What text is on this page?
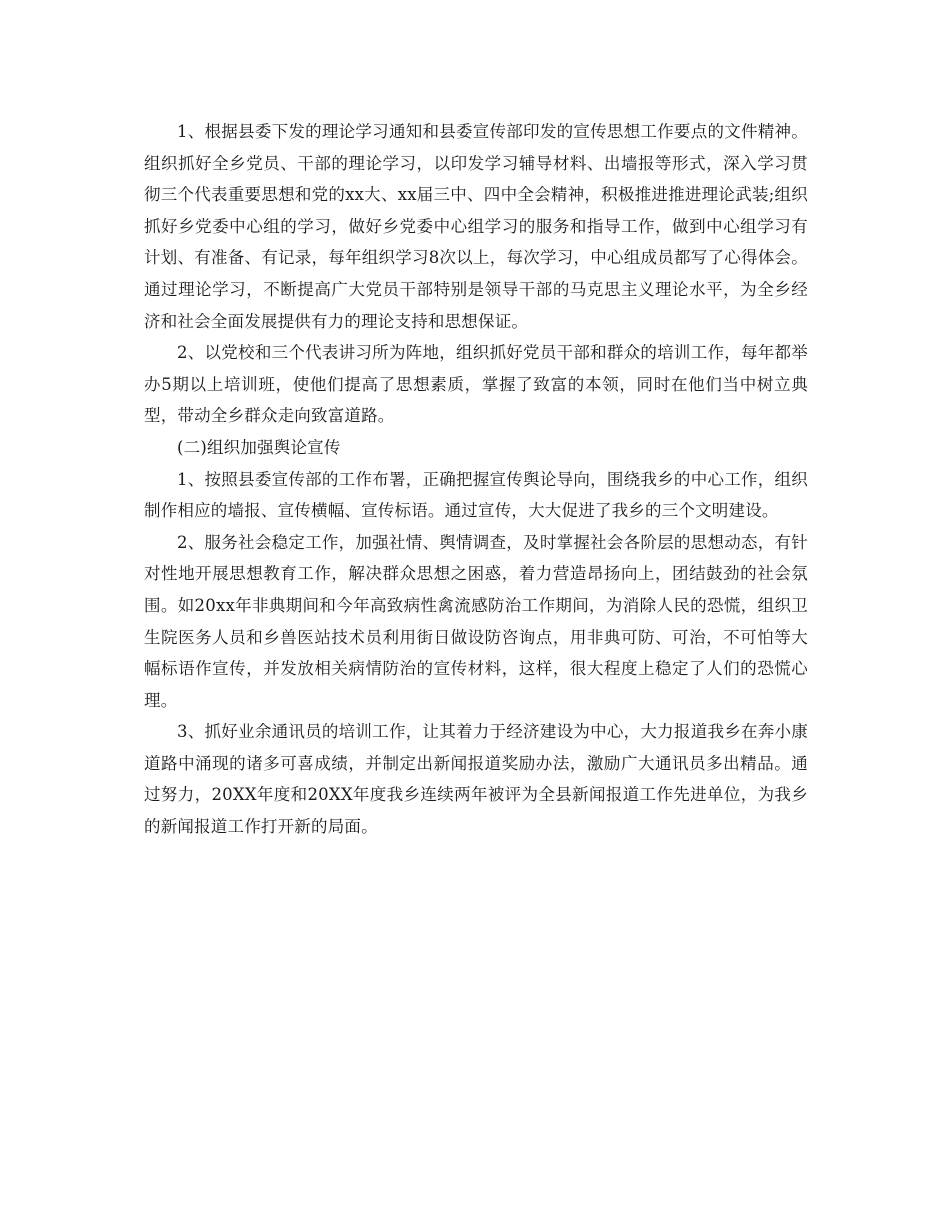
1、根据县委下发的理论学习通知和县委宣传部印发的宣传思想工作要点的文件精神。组织抓好全乡党员、干部的理论学习，以印发学习辅导材料、出墙报等形式，深入学习贯彻三个代表重要思想和党的xx大、xx届三中、四中全会精神，积极推进推进理论武装;组织抓好乡党委中心组的学习，做好乡党委中心组学习的服务和指导工作，做到中心组学习有计划、有准备、有记录，每年组织学习8次以上，每次学习，中心组成员都写了心得体会。通过理论学习，不断提高广大党员干部特别是领导干部的马克思主义理论水平，为全乡经济和社会全面发展提供有力的理论支持和思想保证。

2、以党校和三个代表讲习所为阵地，组织抓好党员干部和群众的培训工作，每年都举办5期以上培训班，使他们提高了思想素质，掌握了致富的本领，同时在他们当中树立典型，带动全乡群众走向致富道路。

(二)组织加强舆论宣传

1、按照县委宣传部的工作布署，正确把握宣传舆论导向，围绕我乡的中心工作，组织制作相应的墙报、宣传横幅、宣传标语。通过宣传，大大促进了我乡的三个文明建设。

2、服务社会稳定工作，加强社情、舆情调查，及时掌握社会各阶层的思想动态，有针对性地开展思想教育工作，解决群众思想之困惑，着力营造昂扬向上，团结鼓劲的社会氛围。如20xx年非典期间和今年高致病性禽流感防治工作期间，为消除人民的恐慌，组织卫生院医务人员和乡兽医站技术员利用街日做设防咨询点，用非典可防、可治，不可怕等大幅标语作宣传，并发放相关病情防治的宣传材料，这样，很大程度上稳定了人们的恐慌心理。

3、抓好业余通讯员的培训工作，让其着力于经济建设为中心，大力报道我乡在奔小康道路中涌现的诸多可喜成绩，并制定出新闻报道奖励办法，激励广大通讯员多出精品。通过努力，20XX年度和20XX年度我乡连续两年被评为全县新闻报道工作先进单位，为我乡的新闻报道工作打开新的局面。
